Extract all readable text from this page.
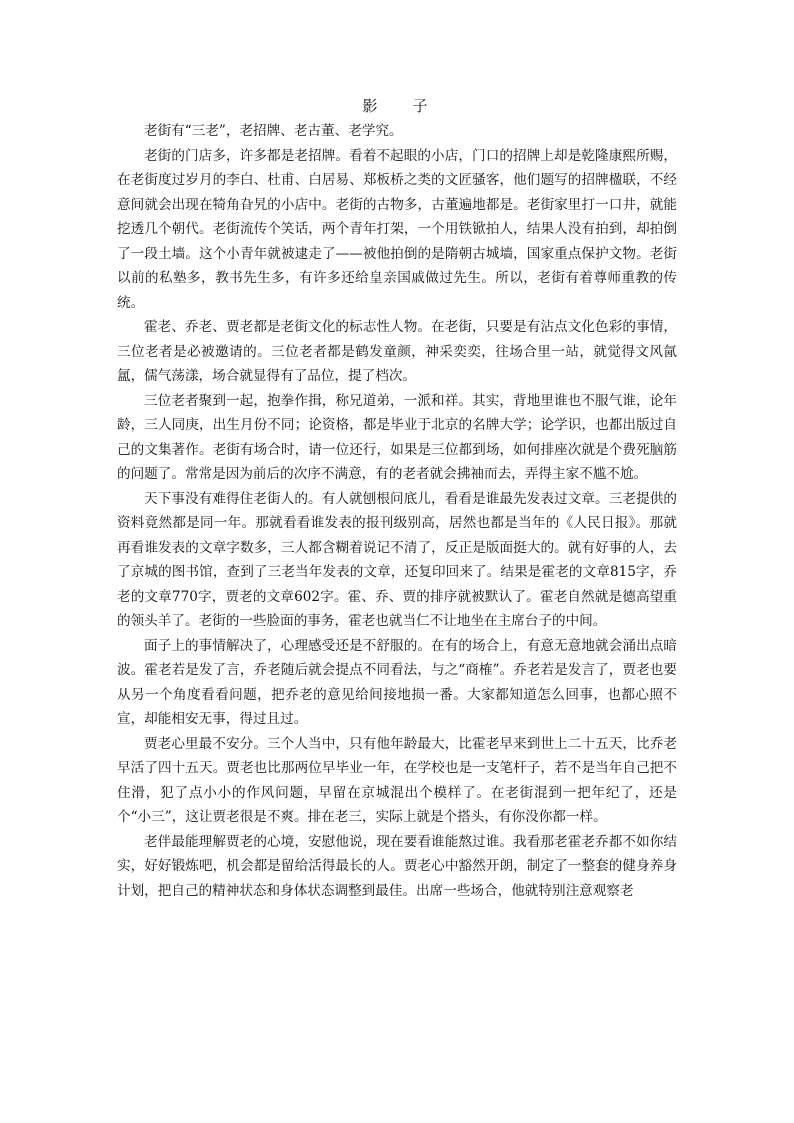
影　子

老街有“三老”，老招牌、老古董、老学究。

老街的门店多，许多都是老招牌。看着不起眼的小店，门口的招牌上却是乾隆康熙所赐，在老街度过岁月的李白、杜甫、白居易、郑板桥之类的文匠骚客，他们题写的招牌楹联，不经意间就会出现在犄角旮旯的小店中。老街的古物多，古董遍地都是。老街家里打一口井，就能挖透几个朝代。老街流传个笑话，两个青年打架，一个用铁锨拍人，结果人没有拍到，却拍倒了一段土墙。这个小青年就被逮走了——被他拍倒的是隋朝古城墙，国家重点保护文物。老街以前的私塾多，教书先生多，有许多还给皇亲国戚做过先生。所以，老街有着尊师重教的传统。

霍老、乔老、贾老都是老街文化的标志性人物。在老街，只要是有沾点文化色彩的事情，三位老者是必被邀请的。三位老者都是鹤发童颜，神采奕奕，往场合里一站，就觉得文风氤氲，儒气荡漾，场合就显得有了品位，提了档次。

三位老者聚到一起，抱拳作揖，称兄道弟，一派和祥。其实，背地里谁也不服气谁，论年龄，三人同庚，出生月份不同；论资格，都是毕业于北京的名牌大学；论学识，也都出版过自己的文集著作。老街有场合时，请一位还行，如果是三位都到场，如何排座次就是个费死脑筋的问题了。常常是因为前后的次序不满意，有的老者就会拂袖而去，弄得主家不尴不尬。

天下事没有难得住老街人的。有人就刨根问底儿，看看是谁最先发表过文章。三老提供的资料竟然都是同一年。那就看看谁发表的报刊级别高，居然也都是当年的《人民日报》。那就再看谁发表的文章字数多，三人都含糊着说记不清了，反正是版面挺大的。就有好事的人，去了京城的图书馆，查到了三老当年发表的文章，还复印回来了。结果是霍老的文章815字，乔老的文章770字，贾老的文章602字。霍、乔、贾的排序就被默认了。霍老自然就是德高望重的领头羊了。老街的一些脸面的事务，霍老也就当仁不让地坐在主席台子的中间。

面子上的事情解决了，心理感受还是不舒服的。在有的场合上，有意无意地就会涌出点暗波。霍老若是发了言，乔老随后就会提点不同看法，与之“商榷”。乔老若是发言了，贾老也要从另一个角度看看问题，把乔老的意见给间接地损一番。大家都知道怎么回事，也都心照不宣，却能相安无事，得过且过。

贾老心里最不安分。三个人当中，只有他年龄最大，比霍老早来到世上二十五天，比乔老早活了四十五天。贾老也比那两位早毕业一年，在学校也是一支笔杆子，若不是当年自己把不住滑，犯了点小小的作风问题，早留在京城混出个模样了。在老街混到一把年纪了，还是个“小三”，这让贾老很是不爽。排在老三，实际上就是个搭头，有你没你都一样。

老伴最能理解贾老的心境，安慰他说，现在要看谁能熬过谁。我看那老霍老乔都不如你结实，好好锻炼吧，机会都是留给活得最长的人。贾老心中豁然开朗，制定了一整套的健身养身计划，把自己的精神状态和身体状态调整到最佳。出席一些场合，他就特别注意观察老
